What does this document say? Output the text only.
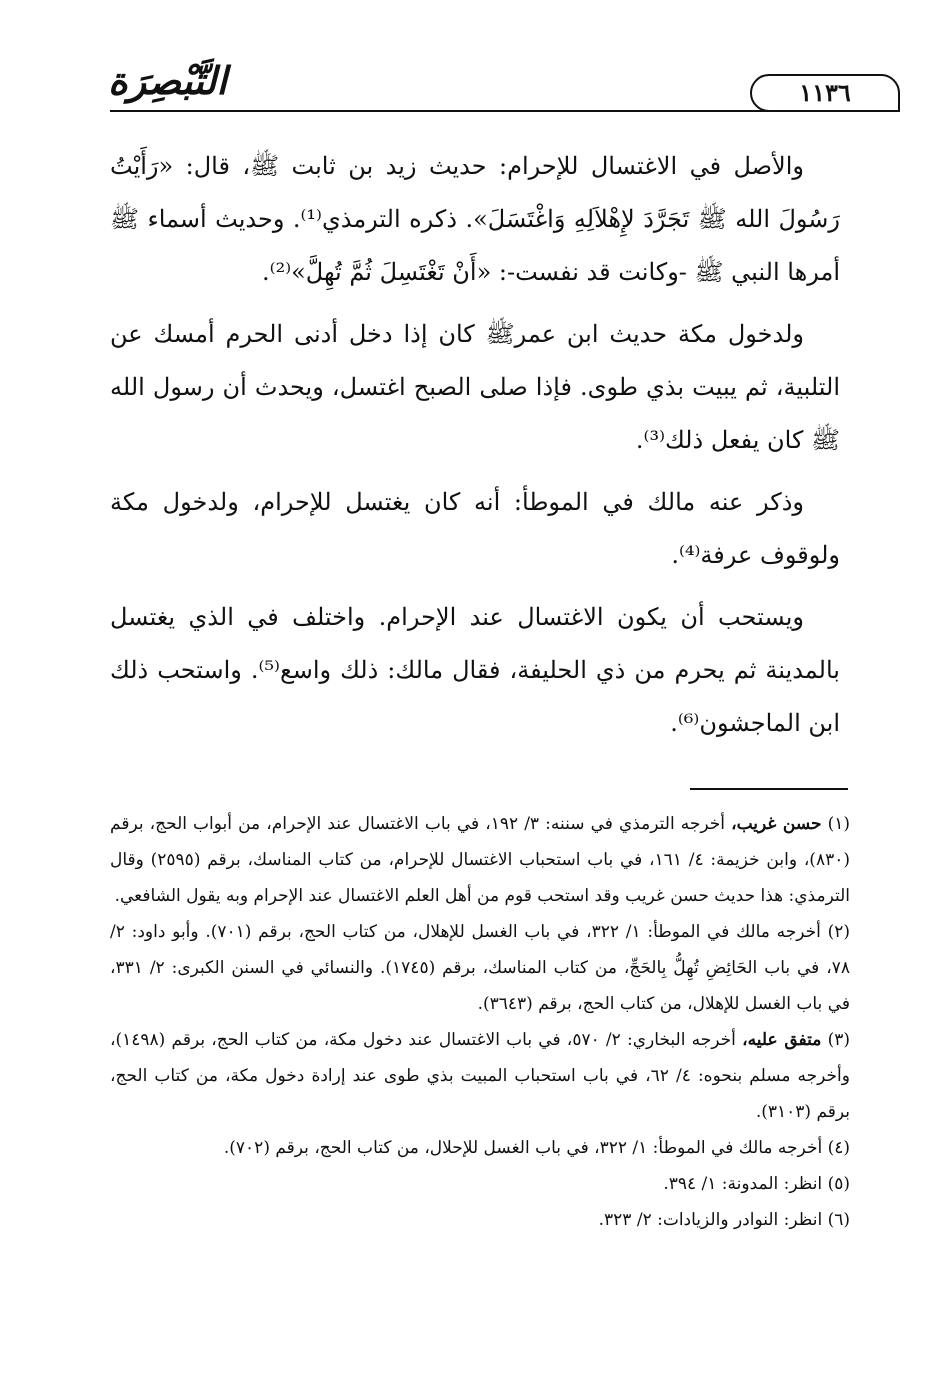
التَّبْصِرَة	١١٣٦

والأصل في الاغتسال للإحرام: حديث زيد بن ثابت ﷺ، قال: «رَأَيْتُ رَسُولَ الله ﷺ تَجَرَّدَ لإِهْلاَلِهِ وَاغْتَسَلَ». ذكره الترمذي⁽¹⁾. وحديث أسماء ﷺ أمرها النبي ﷺ -وكانت قد نفست-: «أَنْ تَغْتَسِلَ ثُمَّ تُهِلَّ»⁽²⁾.

ولدخول مكة حديث ابن عمرﷺ كان إذا دخل أدنى الحرم أمسك عن التلبية، ثم يبيت بذي طوى. فإذا صلى الصبح اغتسل، ويحدث أن رسول الله ﷺ كان يفعل ذلك⁽³⁾.

وذكر عنه مالك في الموطأ: أنه كان يغتسل للإحرام، ولدخول مكة ولوقوف عرفة⁽⁴⁾.

ويستحب أن يكون الاغتسال عند الإحرام. واختلف في الذي يغتسل بالمدينة ثم يحرم من ذي الحليفة، فقال مالك: ذلك واسع⁽⁵⁾. واستحب ذلك ابن الماجشون⁽⁶⁾.

(١) حسن غريب، أخرجه الترمذي في سننه: ٣/ ١٩٢، في باب الاغتسال عند الإحرام، من أبواب الحج، برقم (٨٣٠)، وابن خزيمة: ٤/ ١٦١، في باب استحباب الاغتسال للإحرام، من كتاب المناسك، برقم (٢٥٩٥) وقال الترمذي: هذا حديث حسن غريب وقد استحب قوم من أهل العلم الاغتسال عند الإحرام وبه يقول الشافعي.

(٢) أخرجه مالك في الموطأ: ١/ ٣٢٢، في باب الغسل للإهلال، من كتاب الحج، برقم (٧٠١). وأبو داود: ٢/ ٧٨، في باب الحَائِضِ تُهِلُّ بِالحَجِّ، من كتاب المناسك، برقم (١٧٤٥). والنسائي في السنن الكبرى: ٢/ ٣٣١، في باب الغسل للإهلال، من كتاب الحج، برقم (٣٦٤٣).

(٣) متفق عليه، أخرجه البخاري: ٢/ ٥٧٠، في باب الاغتسال عند دخول مكة، من كتاب الحج، برقم (١٤٩٨)، وأخرجه مسلم بنحوه: ٤/ ٦٢، في باب استحباب المبيت بذي طوى عند إرادة دخول مكة، من كتاب الحج، برقم (٣١٠٣).

(٤) أخرجه مالك في الموطأ: ١/ ٣٢٢، في باب الغسل للإحلال، من كتاب الحج، برقم (٧٠٢).

(٥) انظر: المدونة: ١/ ٣٩٤.

(٦) انظر: النوادر والزيادات: ٢/ ٣٢٣.
